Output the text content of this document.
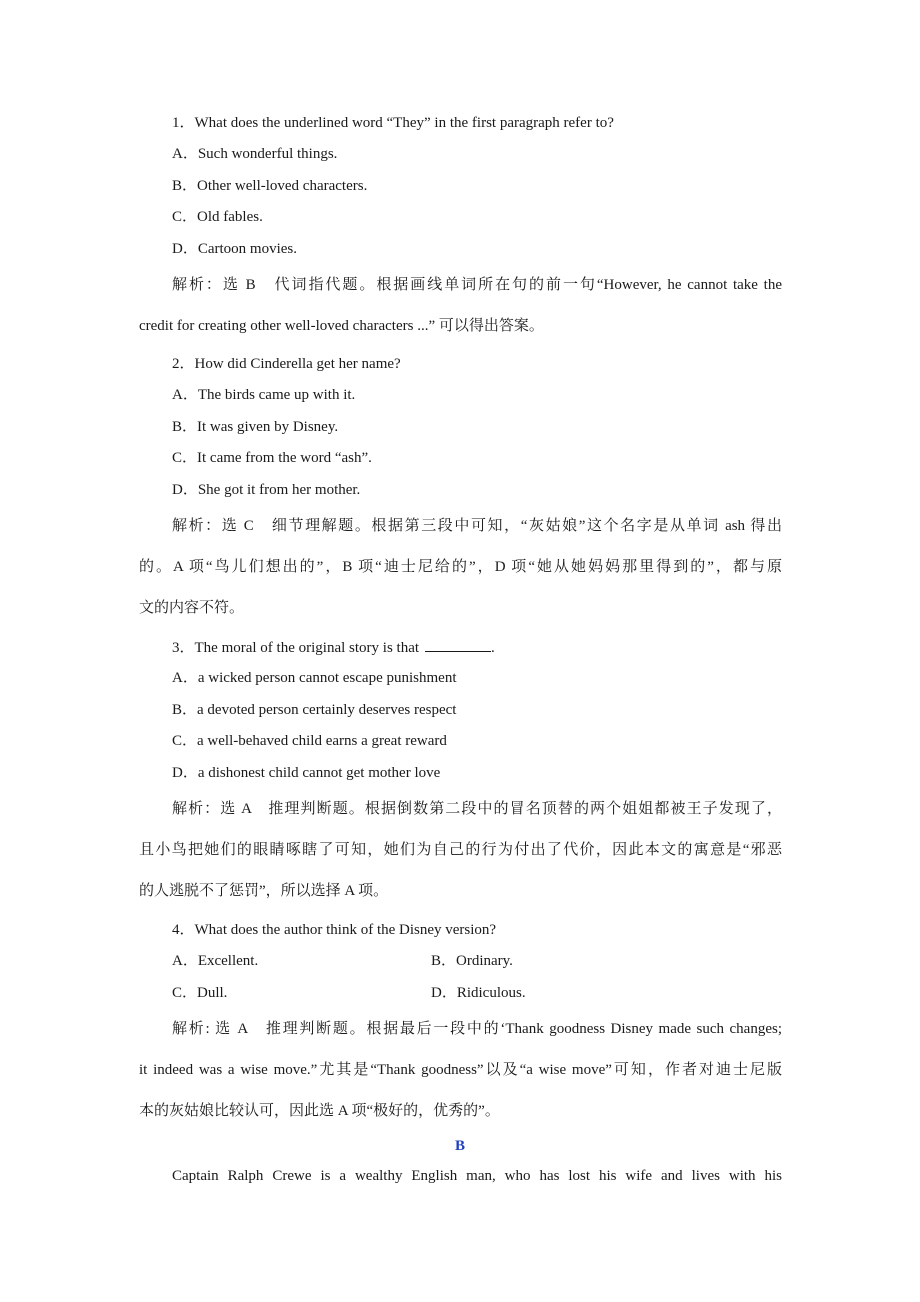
1．What does the underlined word “They” in the first paragraph refer to?
A．Such wonderful things.
B．Other well-loved characters.
C．Old fables.
D．Cartoon movies.
解析：选 B　代词指代题。根据画线单词所在句的前一句“However, he cannot take the
credit for creating other well-loved characters ...” 可以得出答案。
2．How did Cinderella get her name?
A．The birds came up with it.
B．It was given by Disney.
C．It came from the word “ash”.
D．She got it from her mother.
解析：选 C　细节理解题。根据第三段中可知，“灰姑娘”这个名字是从单词 ash 得出
的。A 项“鸟儿们想出的”，B 项“迪士尼给的”，D 项“她从她妈妈那里得到的”，都与原
文的内容不符。
3．The moral of the original story is that	.
A．a wicked person cannot escape punishment
B．a devoted person certainly deserves respect
C．a well-behaved child earns a great reward
D．a dishonest child cannot get mother love
解析：选 A　推理判断题。根据倒数第二段中的冒名顶替的两个姐姐都被王子发现了，
且小鸟把她们的眼睛啄瞎了可知，她们为自己的行为付出了代价，因此本文的寓意是“邪恶
的人逃脱不了惩罚”，所以选择 A 项。
4．What does the author think of the Disney version?
A．Excellent.	B．Ordinary.
C．Dull.	D．Ridiculous.
解析: 选 A　推理判断题。根据最后一段中的‘Thank goodness Disney made such changes;
it indeed was a wise move.”尤其是“Thank goodness”以及“a wise move”可知，作者对迪士尼版
本的灰姑娘比较认可，因此选 A 项“极好的，优秀的”。
B
Captain Ralph Crewe is a wealthy English man, who has lost his wife and lives with his
